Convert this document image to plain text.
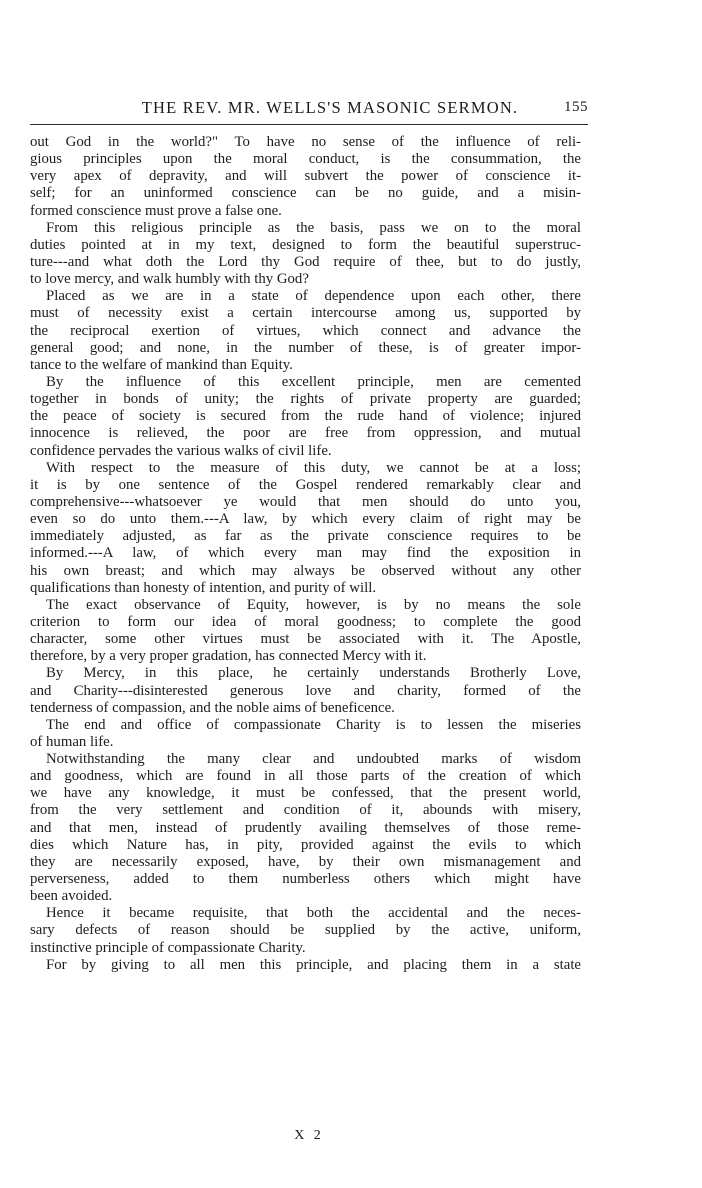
THE REV. MR. WELLS'S MASONIC SERMON.	155
out God in the world?" To have no sense of the influence of reli-
gious principles upon the moral conduct, is the consummation, the
very apex of depravity, and will subvert the power of conscience it-
self; for an uninformed conscience can be no guide, and a misin-
formed conscience must prove a false one.
From this religious principle as the basis, pass we on to the moral
duties pointed at in my text, designed to form the beautiful superstruc-
ture---and what doth the Lord thy God require of thee, but to do justly,
to love mercy, and walk humbly with thy God?
Placed as we are in a state of dependence upon each other, there
must of necessity exist a certain intercourse among us, supported by
the reciprocal exertion of virtues, which connect and advance the
general good; and none, in the number of these, is of greater impor-
tance to the welfare of mankind than Equity.
By the influence of this excellent principle, men are cemented
together in bonds of unity; the rights of private property are guarded;
the peace of society is secured from the rude hand of violence; injured
innocence is relieved, the poor are free from oppression, and mutual
confidence pervades the various walks of civil life.
With respect to the measure of this duty, we cannot be at a loss;
it is by one sentence of the Gospel rendered remarkably clear and
comprehensive---whatsoever ye would that men should do unto you,
even so do unto them.---A law, by which every claim of right may be
immediately adjusted, as far as the private conscience requires to be
informed.---A law, of which every man may find the exposition in
his own breast; and which may always be observed without any other
qualifications than honesty of intention, and purity of will.
The exact observance of Equity, however, is by no means the sole
criterion to form our idea of moral goodness; to complete the good
character, some other virtues must be associated with it. The Apostle,
therefore, by a very proper gradation, has connected Mercy with it.
By Mercy, in this place, he certainly understands Brotherly Love,
and Charity---disinterested generous love and charity, formed of the
tenderness of compassion, and the noble aims of beneficence.
The end and office of compassionate Charity is to lessen the miseries
of human life.
Notwithstanding the many clear and undoubted marks of wisdom
and goodness, which are found in all those parts of the creation of which
we have any knowledge, it must be confessed, that the present world,
from the very settlement and condition of it, abounds with misery,
and that men, instead of prudently availing themselves of those reme-
dies which Nature has, in pity, provided against the evils to which
they are necessarily exposed, have, by their own mismanagement and
perverseness, added to them numberless others which might have
been avoided.
Hence it became requisite, that both the accidental and the neces-
sary defects of reason should be supplied by the active, uniform,
instinctive principle of compassionate Charity.
For by giving to all men this principle, and placing them in a state
X 2
